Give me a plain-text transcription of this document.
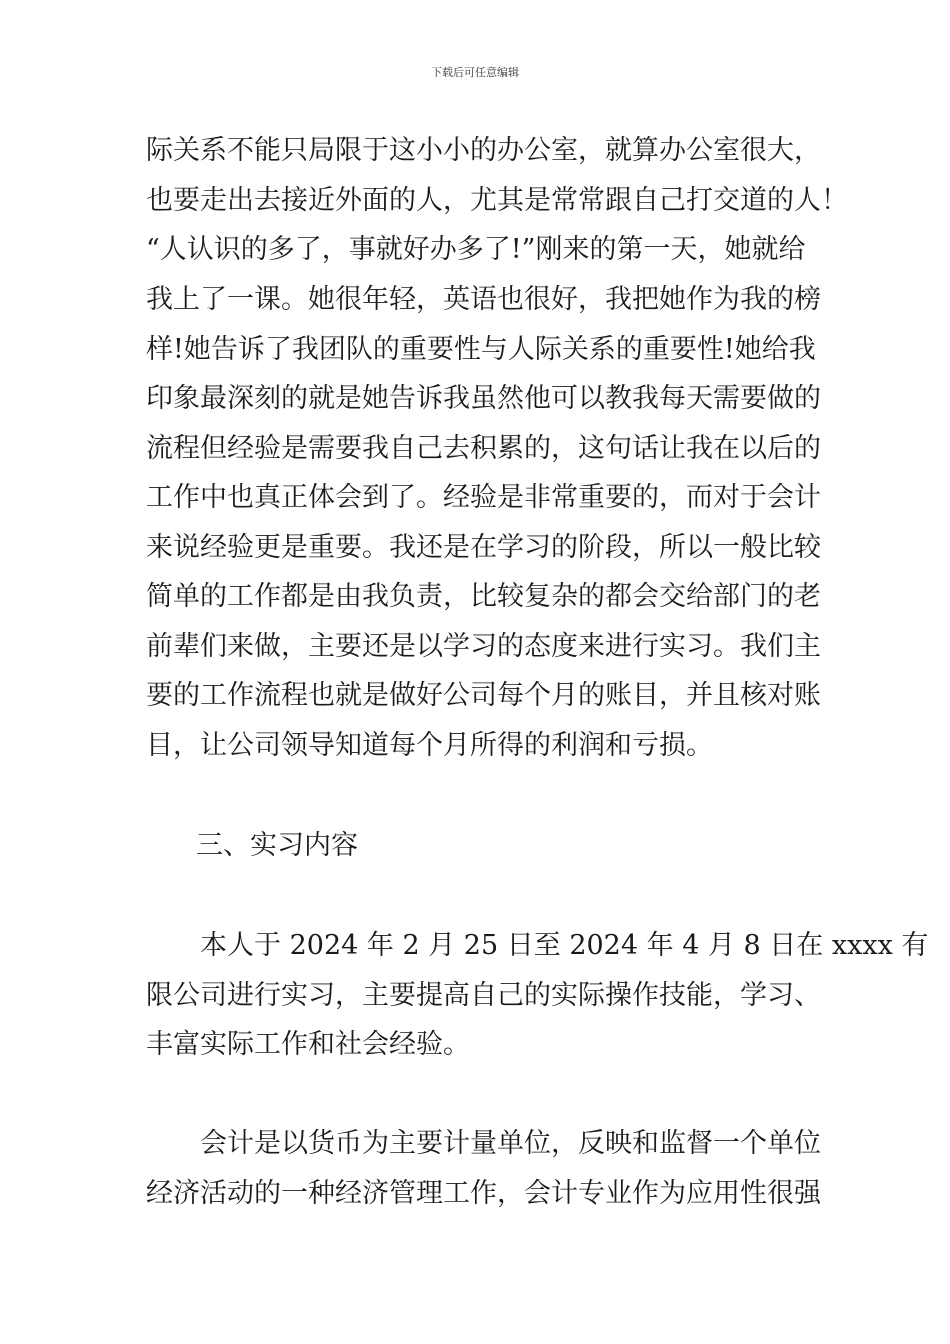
下载后可任意编辑
际关系不能只局限于这小小的办公室，就算办公室很大，
也要走出去接近外面的人，尤其是常常跟自己打交道的人！
“人认识的多了，事就好办多了!”刚来的第一天，她就给
我上了一课。她很年轻，英语也很好，我把她作为我的榜
样!她告诉了我团队的重要性与人际关系的重要性!她给我
印象最深刻的就是她告诉我虽然他可以教我每天需要做的
流程但经验是需要我自己去积累的，这句话让我在以后的
工作中也真正体会到了。经验是非常重要的，而对于会计
来说经验更是重要。我还是在学习的阶段，所以一般比较
简单的工作都是由我负责，比较复杂的都会交给部门的老
前辈们来做，主要还是以学习的态度来进行实习。我们主
要的工作流程也就是做好公司每个月的账目，并且核对账
目，让公司领导知道每个月所得的利润和亏损。
三、实习内容
本人于 2024 年 2 月 25 日至 2024 年 4 月 8 日在 xxxx 有
限公司进行实习，主要提高自己的实际操作技能，学习、
丰富实际工作和社会经验。
会计是以货币为主要计量单位，反映和监督一个单位
经济活动的一种经济管理工作，会计专业作为应用性很强
